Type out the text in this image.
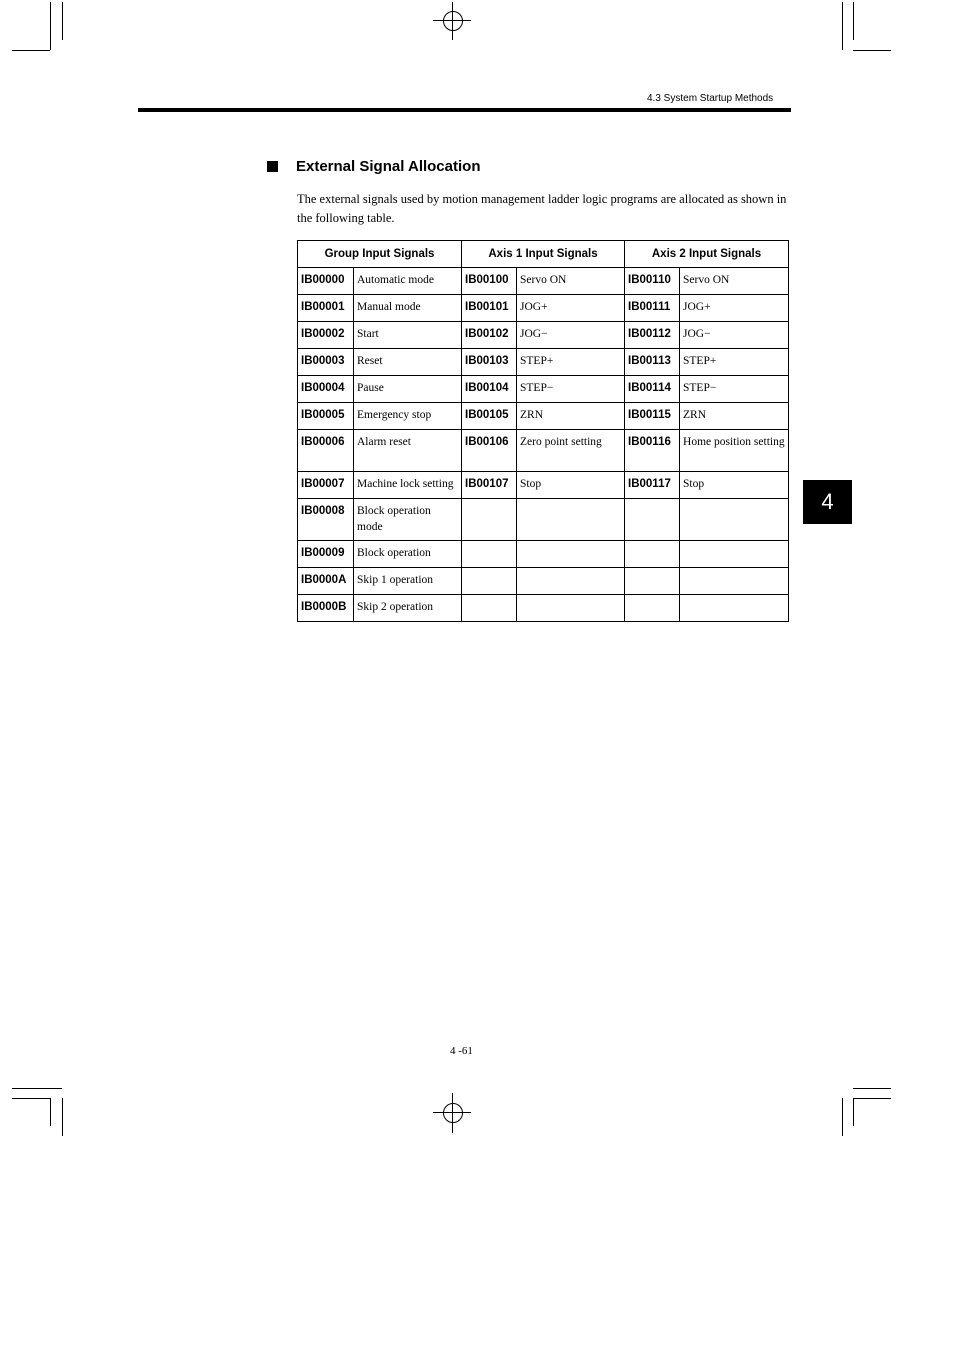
4.3 System Startup Methods
External Signal Allocation
The external signals used by motion management ladder logic programs are allocated as shown in the following table.
Group Input Signals		Axis 1 Input Signals		Axis 2 Input Signals	
IB00000	Automatic mode	IB00100	Servo ON	IB00110	Servo ON
IB00001	Manual mode	IB00101	JOG+	IB00111	JOG+
IB00002	Start	IB00102	JOG−	IB00112	JOG−
IB00003	Reset	IB00103	STEP+	IB00113	STEP+
IB00004	Pause	IB00104	STEP−	IB00114	STEP−
IB00005	Emergency stop	IB00105	ZRN	IB00115	ZRN
IB00006	Alarm reset	IB00106	Zero point setting	IB00116	Home position setting
IB00007	Machine lock setting	IB00107	Stop	IB00117	Stop
IB00008	Block operation mode				
IB00009	Block operation				
IB0000A	Skip 1 operation				
IB0000B	Skip 2 operation				
4
4 -61
